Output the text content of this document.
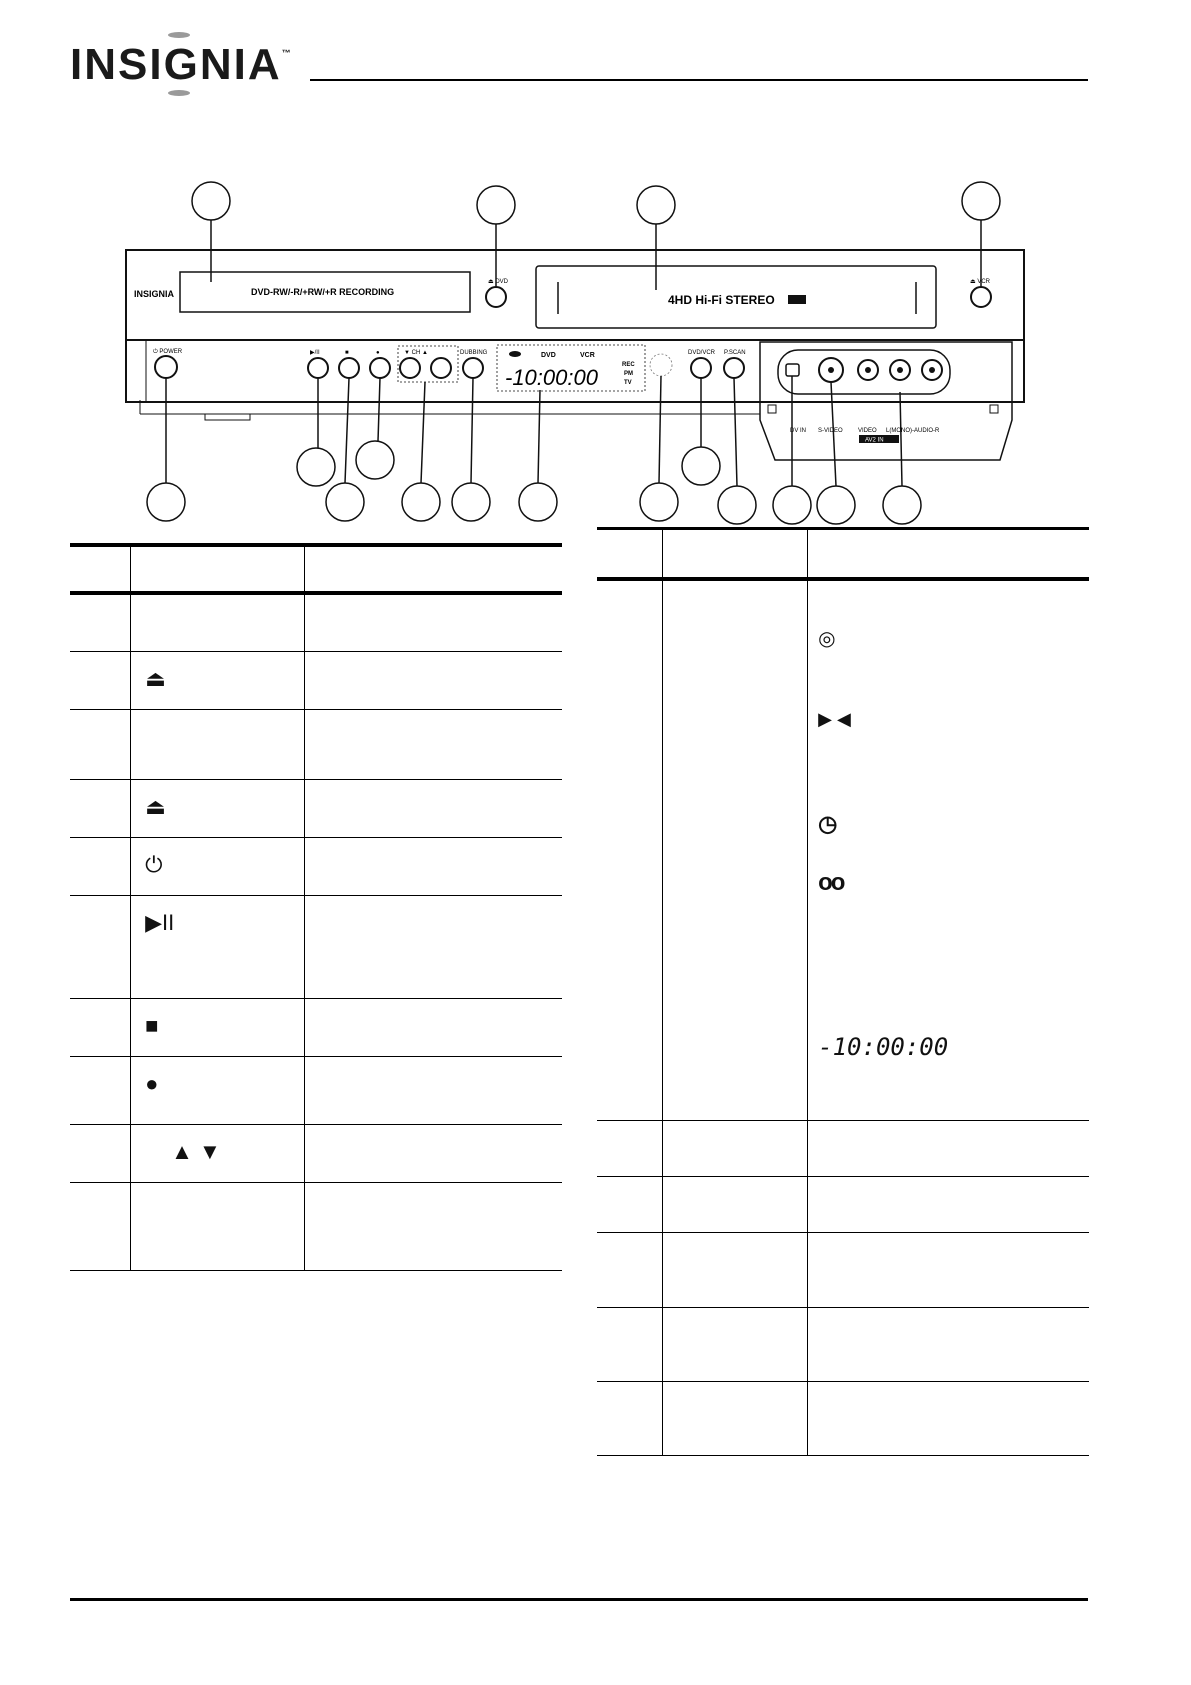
INSIGNIA™
INSIGNIA	DVD-RW/-R/+RW/+R RECORDING
⏏ DVD
4HD Hi-Fi STEREO
⏏ VCR
⏻ POWER	▶/II	■	●	▼ CH ▲	DUBBING	DVD	VCR
REC
PM
TV
-10:00:00
DVD/VCR P.SCAN
DV IN S-VIDEO	VIDEO L(MONO)-AUDIO-R
AV2 IN

	⏏	

	⏏	
	⏻	
	▶II	
	■	
	●	
	▲ ▼	

		◎
▶ ◀
◷
oo
-10:00:00
